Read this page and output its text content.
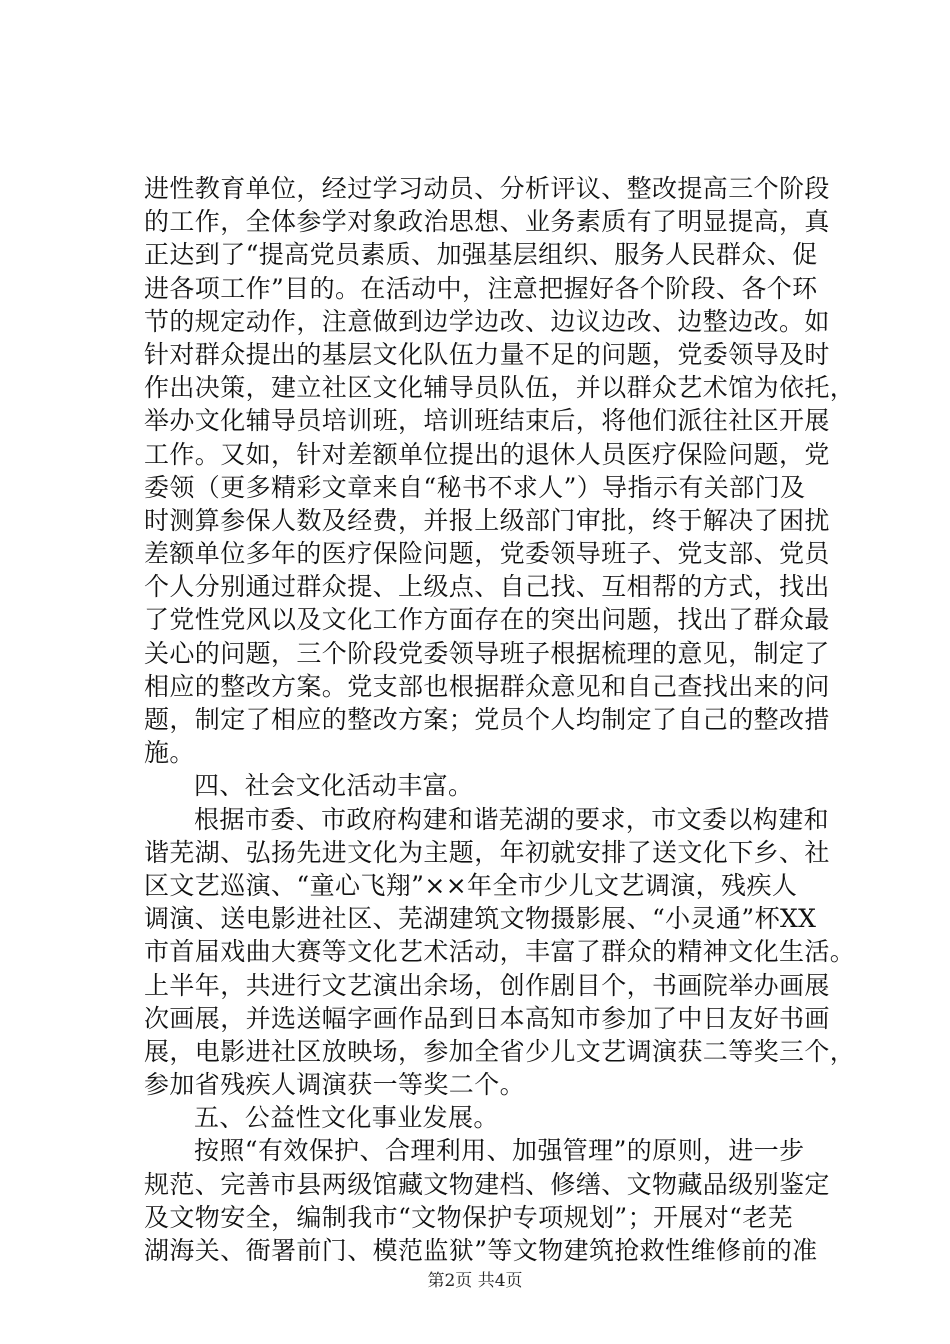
进性教育单位，经过学习动员、分析评议、整改提高三个阶段
的工作，全体参学对象政治思想、业务素质有了明显提高，真
正达到了“提高党员素质、加强基层组织、服务人民群众、促
进各项工作”目的。在活动中，注意把握好各个阶段、各个环
节的规定动作，注意做到边学边改、边议边改、边整边改。如
针对群众提出的基层文化队伍力量不足的问题，党委领导及时
作出决策，建立社区文化辅导员队伍，并以群众艺术馆为依托，
举办文化辅导员培训班，培训班结束后，将他们派往社区开展
工作。又如，针对差额单位提出的退休人员医疗保险问题，党
委领（更多精彩文章来自“秘书不求人”）导指示有关部门及
时测算参保人数及经费，并报上级部门审批，终于解决了困扰
差额单位多年的医疗保险问题，党委领导班子、党支部、党员
个人分别通过群众提、上级点、自己找、互相帮的方式，找出
了党性党风以及文化工作方面存在的突出问题，找出了群众最
关心的问题，三个阶段党委领导班子根据梳理的意见，制定了
相应的整改方案。党支部也根据群众意见和自己查找出来的问
题，制定了相应的整改方案；党员个人均制定了自己的整改措
施。
四、社会文化活动丰富。
根据市委、市政府构建和谐芜湖的要求，市文委以构建和
谐芜湖、弘扬先进文化为主题，年初就安排了送文化下乡、社
区文艺巡演、“童心飞翔”××年全市少儿文艺调演，残疾人
调演、送电影进社区、芜湖建筑文物摄影展、“小灵通”杯XX
市首届戏曲大赛等文化艺术活动，丰富了群众的精神文化生活。
上半年，共进行文艺演出余场，创作剧目个，书画院举办画展
次画展，并选送幅字画作品到日本高知市参加了中日友好书画
展，电影进社区放映场，参加全省少儿文艺调演获二等奖三个，
参加省残疾人调演获一等奖二个。
五、公益性文化事业发展。
按照“有效保护、合理利用、加强管理”的原则，进一步
规范、完善市县两级馆藏文物建档、修缮、文物藏品级别鉴定
及文物安全，编制我市“文物保护专项规划”；开展对“老芜
湖海关、衙署前门、模范监狱”等文物建筑抢救性维修前的准
第2页 共4页
